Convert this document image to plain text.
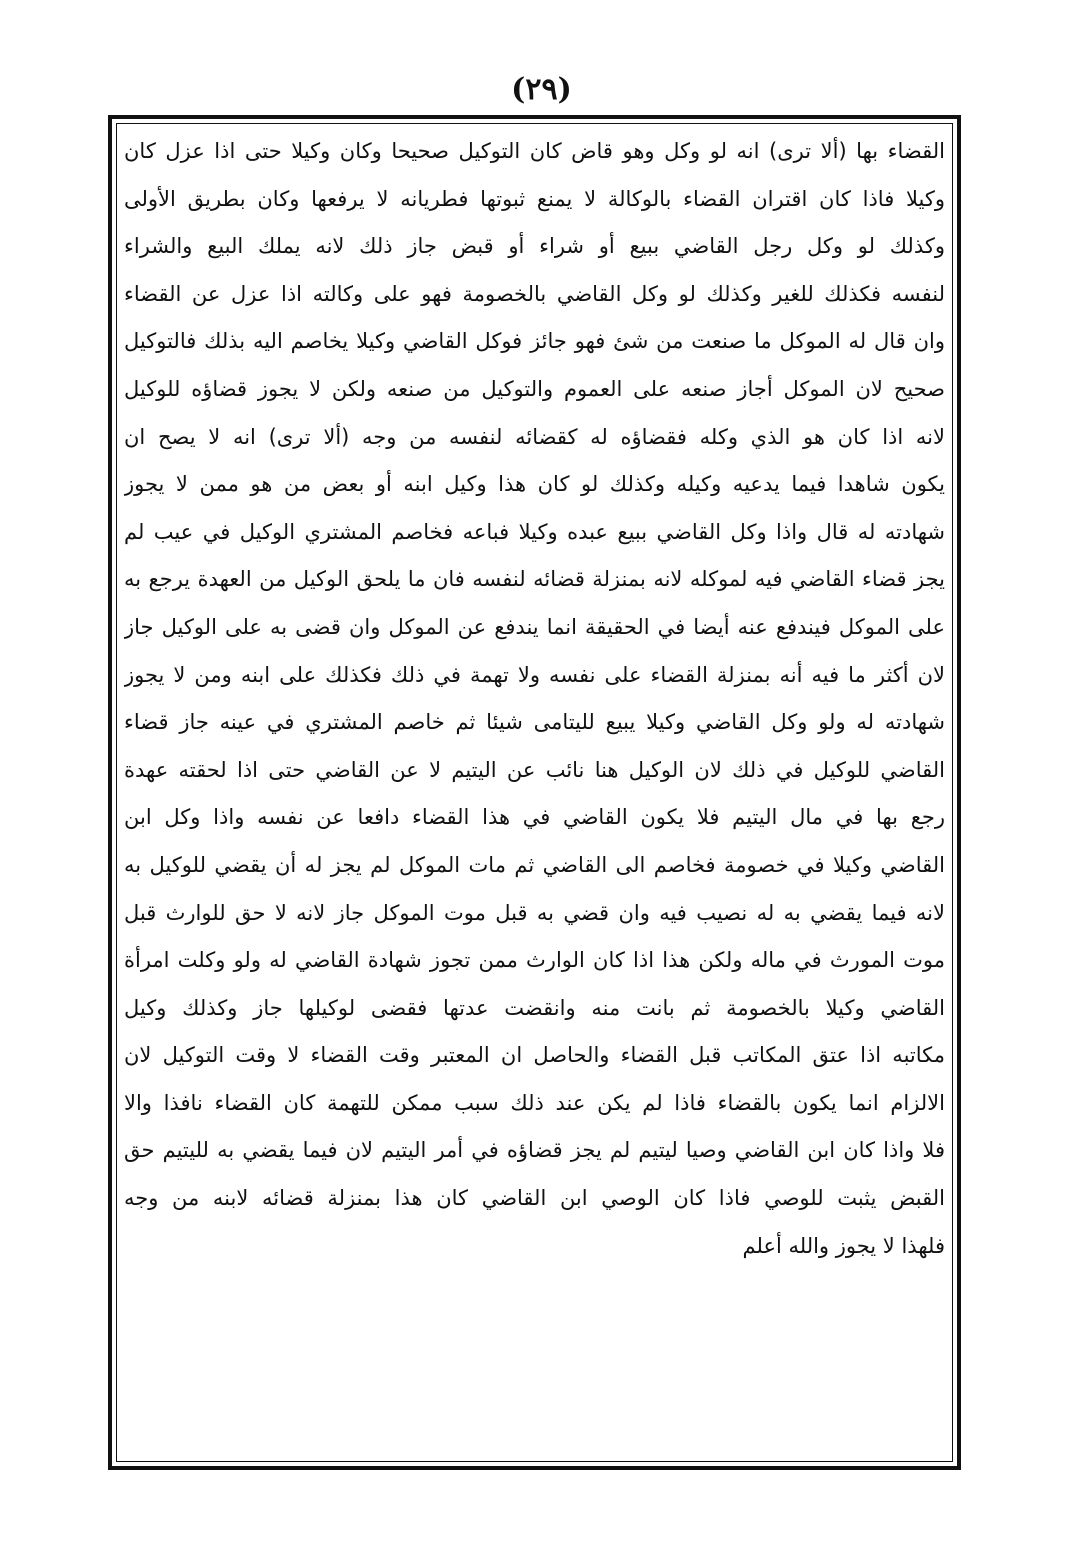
(٢٩)
القضاء بها (ألا ترى) انه لو وكل وهو قاض كان التوكيل صحيحا وكان وكيلا حتى اذا عزل كان
وكيلا فاذا كان اقتران القضاء بالوكالة لا يمنع ثبوتها فطريانه لا يرفعها وكان بطريق الأولى
وكذلك لو وكل رجل القاضي ببيع أو شراء أو قبض جاز ذلك لانه يملك البيع والشراء
لنفسه فكذلك للغير وكذلك لو وكل القاضي بالخصومة فهو على وكالته اذا عزل عن القضاء
وان قال له الموكل ما صنعت من شئ فهو جائز فوكل القاضي وكيلا يخاصم اليه بذلك فالتوكيل
صحيح لان الموكل أجاز صنعه على العموم والتوكيل من صنعه ولكن لا يجوز قضاؤه للوكيل
لانه اذا كان هو الذي وكله فقضاؤه له كقضائه لنفسه من وجه (ألا ترى) انه لا يصح ان
يكون شاهدا فيما يدعيه وكيله وكذلك لو كان هذا وكيل ابنه أو بعض من هو ممن لا يجوز
شهادته له قال واذا وكل القاضي ببيع عبده وكيلا فباعه فخاصم المشتري الوكيل في عيب لم
يجز قضاء القاضي فيه لموكله لانه بمنزلة قضائه لنفسه فان ما يلحق الوكيل من العهدة يرجع به
على الموكل فيندفع عنه أيضا في الحقيقة انما يندفع عن الموكل وان قضى به على الوكيل جاز
لان أكثر ما فيه أنه بمنزلة القضاء على نفسه ولا تهمة في ذلك فكذلك على ابنه ومن لا يجوز
شهادته له ولو وكل القاضي وكيلا يبيع لليتامى شيئا ثم خاصم المشتري في عينه جاز قضاء
القاضي للوكيل في ذلك لان الوكيل هنا نائب عن اليتيم لا عن القاضي حتى اذا لحقته عهدة
رجع بها في مال اليتيم فلا يكون القاضي في هذا القضاء دافعا عن نفسه واذا وكل ابن
القاضي وكيلا في خصومة فخاصم الى القاضي ثم مات الموكل لم يجز له أن يقضي للوكيل به
لانه فيما يقضي به له نصيب فيه وان قضي به قبل موت الموكل جاز لانه لا حق للوارث قبل
موت المورث في ماله ولكن هذا اذا كان الوارث ممن تجوز شهادة القاضي له ولو وكلت امرأة
القاضي وكيلا بالخصومة ثم بانت منه وانقضت عدتها فقضى لوكيلها جاز وكذلك وكيل
مكاتبه اذا عتق المكاتب قبل القضاء والحاصل ان المعتبر وقت القضاء لا وقت التوكيل لان
الالزام انما يكون بالقضاء فاذا لم يكن عند ذلك سبب ممكن للتهمة كان القضاء نافذا والا
فلا واذا كان ابن القاضي وصيا ليتيم لم يجز قضاؤه في أمر اليتيم لان فيما يقضي به لليتيم حق
القبض يثبت للوصي فاذا كان الوصي ابن القاضي كان هذا بمنزلة قضائه لابنه من وجه
فلهذا لا يجوز والله أعلم
